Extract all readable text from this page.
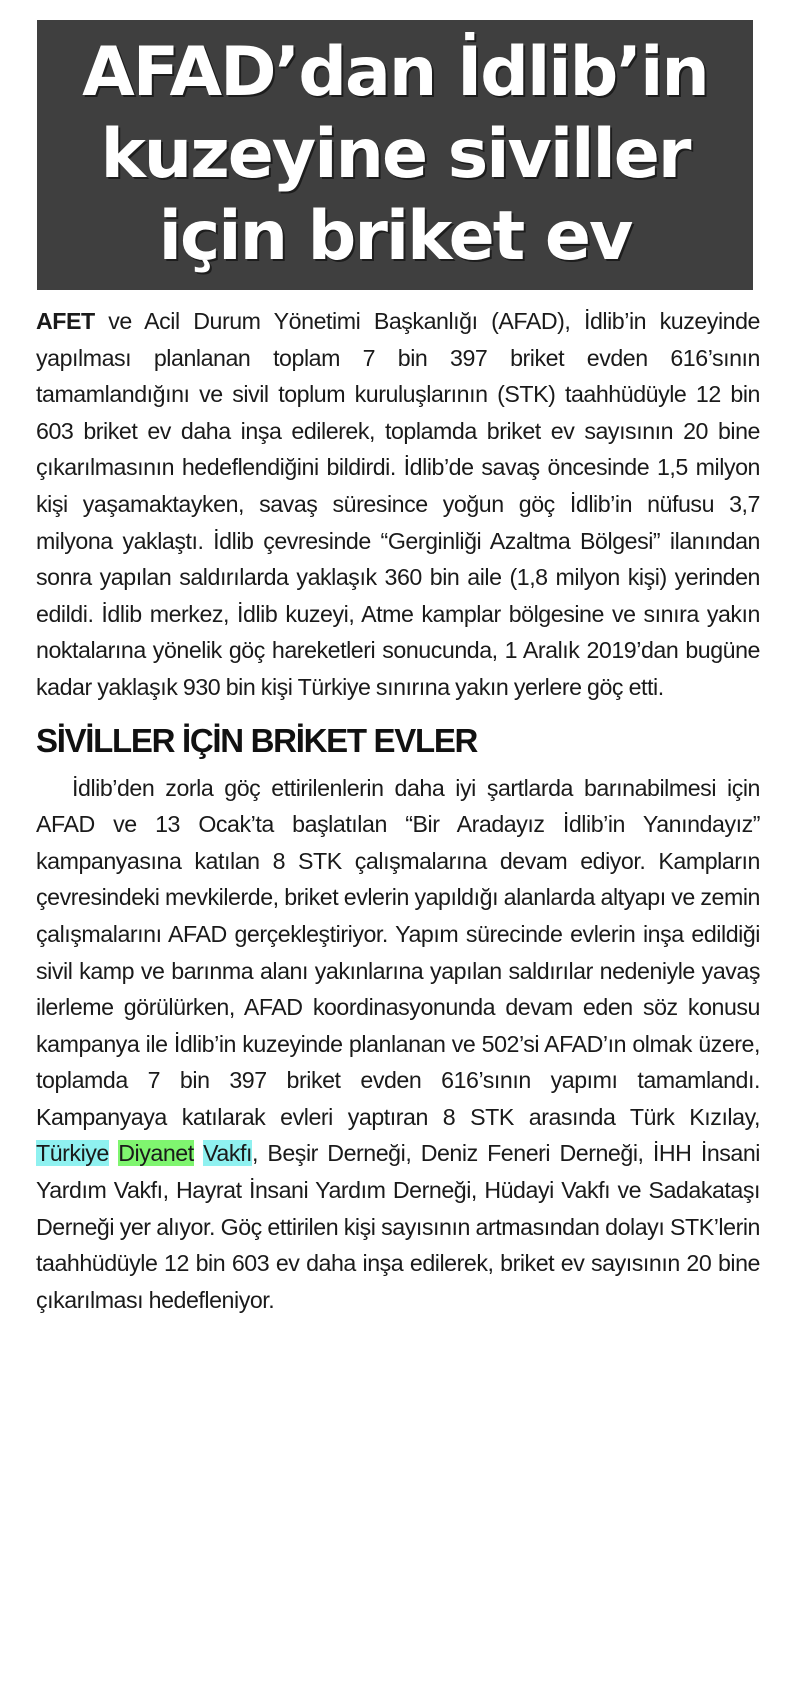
AFAD’dan İdlib’in
kuzeyine siviller
için briket ev

AFET ve Acil Durum Yönetimi Başkanlığı (AFAD), İdlib’in kuzeyinde yapılması planlanan toplam 7 bin 397 briket evden 616’sının tamamlandığını ve sivil toplum kuruluşlarının (STK) taahhüdüyle 12 bin 603 briket ev daha inşa edilerek, toplamda briket ev sayısının 20 bine çıkarılmasının hedeflendiğini bildirdi. İdlib’de savaş öncesinde 1,5 milyon kişi yaşamaktayken, savaş süresince yoğun göç İdlib’in nüfusu 3,7 milyona yaklaştı. İdlib çevresinde “Gerginliği Azaltma Bölgesi” ilanından sonra yapılan saldırılarda yaklaşık 360 bin aile (1,8 milyon kişi) yerinden edildi. İdlib merkez, İdlib kuzeyi, Atme kamplar bölgesine ve sınıra yakın noktalarına yönelik göç hareketleri sonucunda, 1 Aralık 2019’dan bugüne kadar yaklaşık 930 bin kişi Türkiye sınırına yakın yerlere göç etti.

SİVİLLER İÇİN BRİKET EVLER

İdlib’den zorla göç ettirilenlerin daha iyi şartlarda barınabilmesi için AFAD ve 13 Ocak’ta başlatılan “Bir Aradayız İdlib’in Yanındayız” kampanyasına katılan 8 STK çalışmalarına devam ediyor. Kampların çevresindeki mevkilerde, briket evlerin yapıldığı alanlarda altyapı ve zemin çalışmalarını AFAD gerçekleştiriyor. Yapım sürecinde evlerin inşa edildiği sivil kamp ve barınma alanı yakınlarına yapılan saldırılar nedeniyle yavaş ilerleme görülürken, AFAD koordinasyonunda devam eden söz konusu kampanya ile İdlib’in kuzeyinde planlanan ve 502’si AFAD’ın olmak üzere, toplamda 7 bin 397 briket evden 616’sının yapımı tamamlandı. Kampanyaya katılarak evleri yaptıran 8 STK arasında Türk Kızılay, Türkiye Diyanet Vakfı, Beşir Derneği, Deniz Feneri Derneği, İHH İnsani Yardım Vakfı, Hayrat İnsani Yardım Derneği, Hüdayi Vakfı ve Sadakataşı Derneği yer alıyor. Göç ettirilen kişi sayısının artmasından dolayı STK’lerin taahhüdüyle 12 bin 603 ev daha inşa edilerek, briket ev sayısının 20 bine çıkarılması hedefleniyor.
